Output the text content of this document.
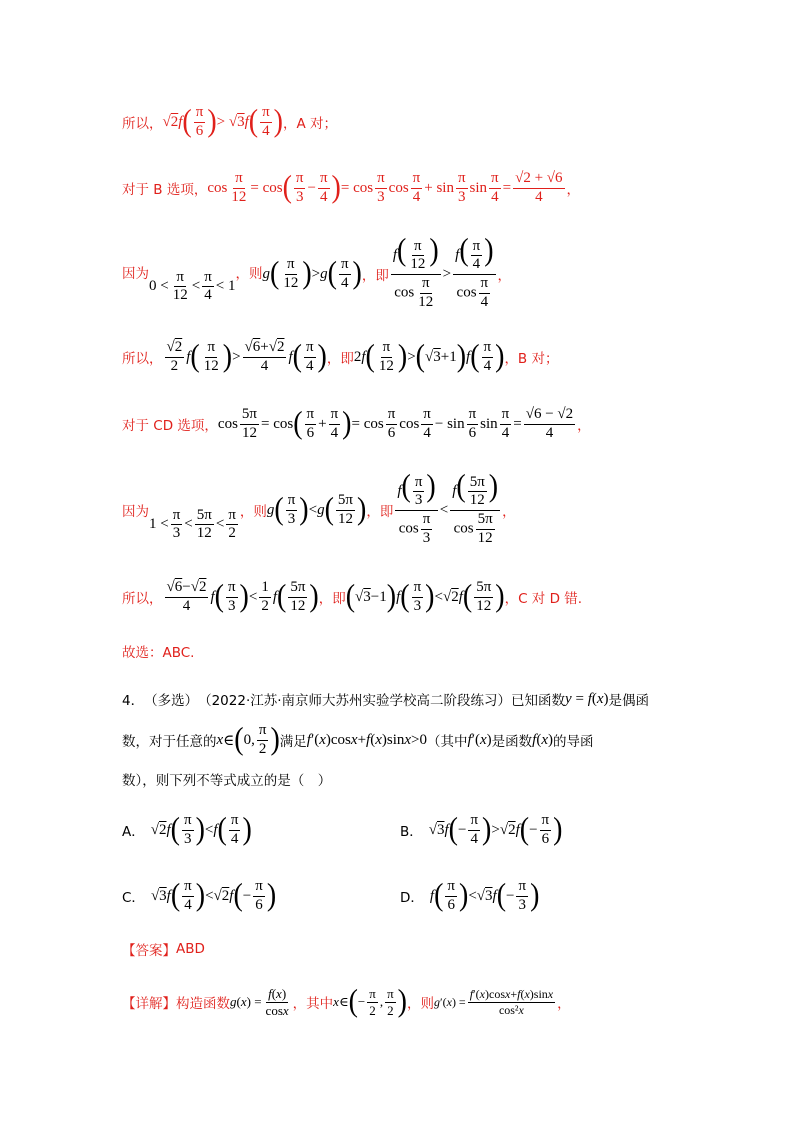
所以， √ 2 f ( $\frac{\pi}{6}$ ) > √ 3 f ( $\frac{\pi}{4}$ ) ，A 对；
对于 B 选项， $\cos \frac{\pi}{12} = \cos$ ( $\frac{\pi}{3} - \frac{\pi}{4}$ ) = $\cos \frac{\pi}{3}$ $\cos \frac{\pi}{4} + \sin \frac{\pi}{3}$ $\sin \frac{\pi}{4} = \frac{√2 + √6}{4}$ ，
因为
$0 < \frac{\pi}{12} < \frac{\pi}{4} < 1$
，则 g ( $\frac{\pi}{12}$ ) > g ( $\frac{\pi}{4}$ ) ，即 $\frac{f( \frac{\pi}{12} )}{\cos \frac{\pi}{12}} > \frac{f( \frac{\pi}{4} )}{\cos \frac{\pi}{4}}$ ，
所以， $\frac{√2}{2}$ f ( $\frac{\pi}{12}$ ) > $\frac{√6+√2}{4}$ f ( $\frac{\pi}{4}$ ) ，即 2 f ( $\frac{\pi}{12}$ ) > ( √ 3 +1 ) f ( $\frac{\pi}{4}$ ) ，B 对；
对于 CD 选项， $\cos \frac{5\pi}{12} = \cos$ ( $\frac{\pi}{6} + \frac{\pi}{4}$ ) = $\cos \frac{\pi}{6}$ $\cos \frac{\pi}{4} - \sin \frac{\pi}{6}$ $\sin \frac{\pi}{4} = \frac{√6 - √2}{4}$ ，
因为
$1 < \frac{\pi}{3} < \frac{5\pi}{12} < \frac{\pi}{2}$ ，则 g ( $\frac{\pi}{3}$ ) < g ( $\frac{5\pi}{12}$ ) ，即 $\frac{f( \frac{\pi}{3} )}{\cos \frac{\pi}{3}} < \frac{f( \frac{5\pi}{12} )}{\cos \frac{5\pi}{12}}$ ，
所以， $\frac{√6-√2}{4}$ f ( $\frac{\pi}{3}$ ) < $\frac{1}{2}$ f ( $\frac{5\pi}{12}$ ) ，即 ( √ 3 −1 ) f ( $\frac{\pi}{3}$ ) <√ 2 f ( $\frac{5\pi}{12}$ ) ，C 对 D 错.
故选：ABC.
4． （多选） （2022·江苏·南京师大苏州实验学校高二阶段练习） 已知函数 y = f ( x ) 是偶函
数，对于任意的 x ∈ ( 0, $\frac{\pi}{2}$ ) 满足 f ′( x )cos x + f ( x )sin x >0 （其中 f ′( x ) 是函数 f ( x ) 的导函
数），则下列不等式成立的是（　）
A． √ 2 f ( $\frac{\pi}{3}$ ) < f ( $\frac{\pi}{4}$ )	B． √ 3 f ( − $\frac{\pi}{4}$ ) >√ 2 f ( − $\frac{\pi}{6}$ )
C． √ 3 f ( $\frac{\pi}{4}$ ) <√ 2 f ( − $\frac{\pi}{6}$ )	D． f ( $\frac{\pi}{6}$ ) <√ 3 f ( − $\frac{\pi}{3}$ )
【答案】 ABD
【详解】 构造函数 g ( x ) = $\frac{f(x)}{\cos x}$ ，其中 x ∈ ( − $\frac{\pi}{2}$ , $\frac{\pi}{2}$ ) ，则 g ′( x ) = $\frac{f'(x)\cos x+f(x)\sin x}{\text{cos²x}}$ ，
